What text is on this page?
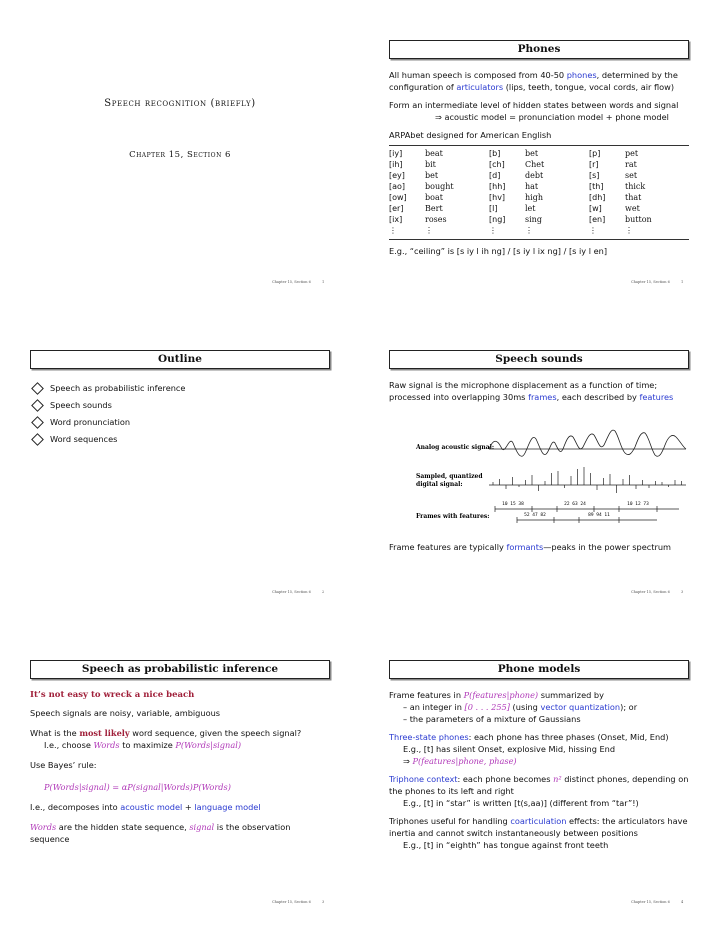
Speech recognition (briefly)
Chapter 15, Section 6
Chapter 15, Section 6	1
Phones

All human speech is composed from 40-50 phones, determined by the

configuration of articulators (lips, teeth, tongue, vocal cords, air flow)

Form an intermediate level of hidden states between words and signal

⇒ acoustic model = pronunciation model + phone model

ARPAbet designed for American English

[iy]	beat	[b]	bet	[p]	pet
[ih]	bit	[ch]	Chet	[r]	rat
[ey]	bet	[d]	debt	[s]	set
[ao]	bought	[hh]	hat	[th]	thick
[ow]	boat	[hv]	high	[dh]	that
[er]	Bert	[l]	let	[w]	wet
[ix]	roses	[ng]	sing	[en]	button
⋮	⋮	⋮	⋮	⋮	⋮
E.g., “ceiling” is [s iy l ih ng] / [s iy l ix ng] / [s iy l en]
Chapter 15, Section 6	1
Outline
Speech as probabilistic inference
Speech sounds
Word pronunciation
Word sequences
Chapter 15, Section 6	2
Speech sounds

Raw signal is the microphone displacement as a function of time;

processed into overlapping 30ms frames, each described by features

Analog acoustic signal:
Sampled, quantized
digital signal:
Frames with features:
10 15 38	22 63 24	10 12 73
52 47 82	89 94 11
Frame features are typically formants—peaks in the power spectrum
Chapter 15, Section 6	3
Speech as probabilistic inference

It’s not easy to wreck a nice beach

Speech signals are noisy, variable, ambiguous

What is the most likely word sequence, given the speech signal?

I.e., choose Words to maximize P(Words|signal)

Use Bayes’ rule:

P(Words|signal) = αP(signal|Words)P(Words)

I.e., decomposes into acoustic model + language model

Words are the hidden state sequence, signal is the observation sequence

Chapter 15, Section 6	3
Phone models

Frame features in P(features|phone) summarized by

– an integer in [0 . . . 255] (using vector quantization); or

– the parameters of a mixture of Gaussians

Three-state phones: each phone has three phases (Onset, Mid, End)

E.g., [t] has silent Onset, explosive Mid, hissing End

⇒ P(features|phone, phase)

Triphone context: each phone becomes n² distinct phones, depending on

the phones to its left and right

E.g., [t] in “star” is written [t(s,aa)] (different from “tar”!)

Triphones useful for handling coarticulation effects: the articulators have

inertia and cannot switch instantaneously between positions

E.g., [t] in “eighth” has tongue against front teeth

Chapter 15, Section 6	4
